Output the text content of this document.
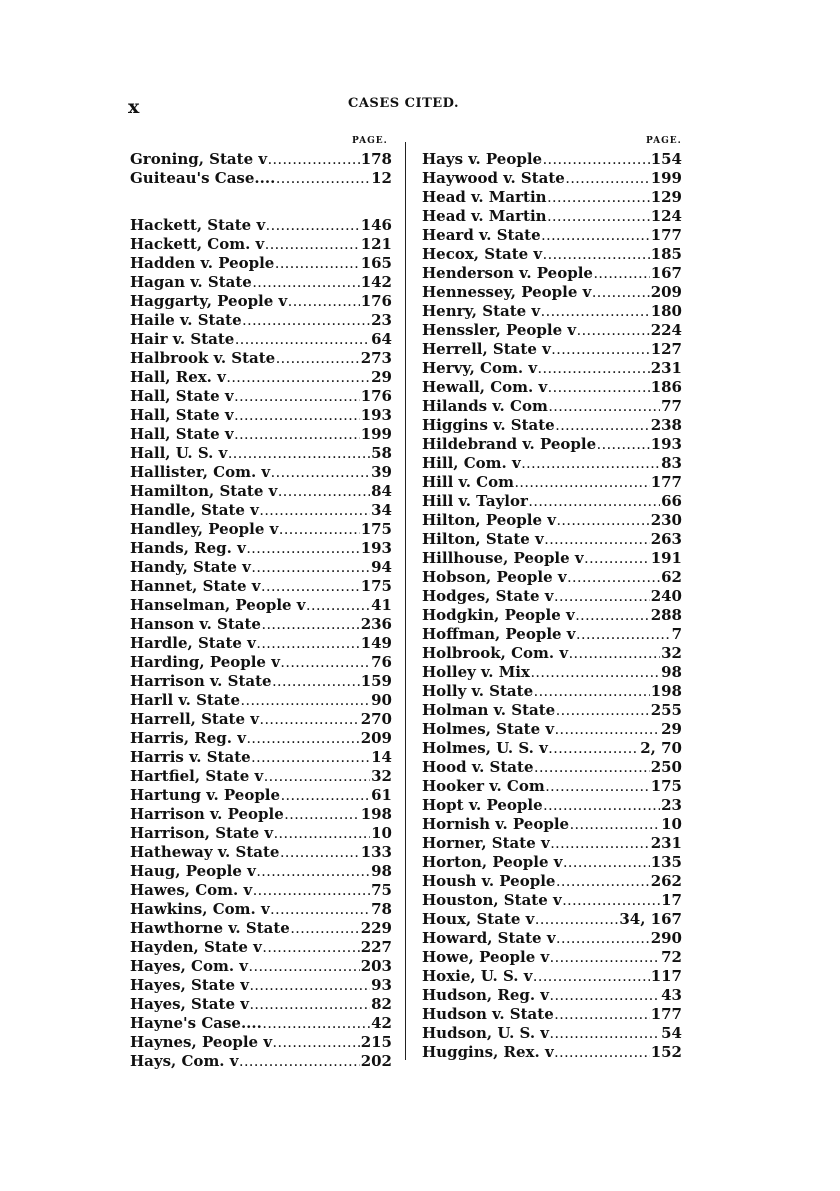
x	CASES CITED.
PAGE.	PAGE.
Groning, State v . . .	178
Guiteau's Case.... . . .	12
Hackett, State v . . .	146
Hackett, Com. v . . .	121
Hadden v. People . . .	165
Hagan v. State . . .	142
Haggarty, People v . . .	176
Haile v. State . . .	23
Hair v. State . . .	64
Halbrook v. State . . .	273
Hall, Rex. v . . .	29
Hall, State v . . .	176
Hall, State v . . .	193
Hall, State v . . .	199
Hall, U. S. v . . .	58
Hallister, Com. v . . .	39
Hamilton, State v . . .	84
Handle, State v . . .	34
Handley, People v . . .	175
Hands, Reg. v . . .	193
Handy, State v . . .	94
Hannet, State v . . .	175
Hanselman, People v . . .	41
Hanson v. State . . .	236
Hardle, State v . . .	149
Harding, People v . . .	76
Harrison v. State . . .	159
Harll v. State . . .	90
Harrell, State v . . .	270
Harris, Reg. v . . .	209
Harris v. State . . .	14
Hartfiel, State v . . .	32
Hartung v. People . . .	61
Harrison v. People . . .	198
Harrison, State v . . .	10
Hatheway v. State . . .	133
Haug, People v . . .	98
Hawes, Com. v . . .	75
Hawkins, Com. v . . .	78
Hawthorne v. State . . .	229
Hayden, State v . . .	227
Hayes, Com. v . . .	203
Hayes, State v . . .	93
Hayes, State v . . .	82
Hayne's Case.... . . .	42
Haynes, People v . . .	215
Hays, Com. v . . .	202
Hays v. People . . .	154
Haywood v. State . . .	199
Head v. Martin . . .	129
Head v. Martin . . .	124
Heard v. State . . .	177
Hecox, State v . . .	185
Henderson v. People . . .	167
Hennessey, People v . . .	209
Henry, State v . . .	180
Henssler, People v . . .	224
Herrell, State v . . .	127
Hervy, Com. v . . .	231
Hewall, Com. v . . .	186
Hilands v. Com . . .	77
Higgins v. State . . .	238
Hildebrand v. People . . .	193
Hill, Com. v . . .	83
Hill v. Com . . .	177
Hill v. Taylor . . .	66
Hilton, People v . . .	230
Hilton, State v . . .	263
Hillhouse, People v . . .	191
Hobson, People v . . .	62
Hodges, State v . . .	240
Hodgkin, People v . . .	288
Hoffman, People v . . .	7
Holbrook, Com. v . . .	32
Holley v. Mix . . .	98
Holly v. State . . .	198
Holman v. State . . .	255
Holmes, State v . . .	29
Holmes, U. S. v . . .	2, 70
Hood v. State . . .	250
Hooker v. Com . . .	175
Hopt v. People . . .	23
Hornish v. People . . .	10
Horner, State v . . .	231
Horton, People v . . .	135
Housh v. People . . .	262
Houston, State v . . .	17
Houx, State v . . .	34, 167
Howard, State v . . .	290
Howe, People v . . .	72
Hoxie, U. S. v . . .	117
Hudson, Reg. v . . .	43
Hudson v. State . . .	177
Hudson, U. S. v . . .	54
Huggins, Rex. v . . .	152
